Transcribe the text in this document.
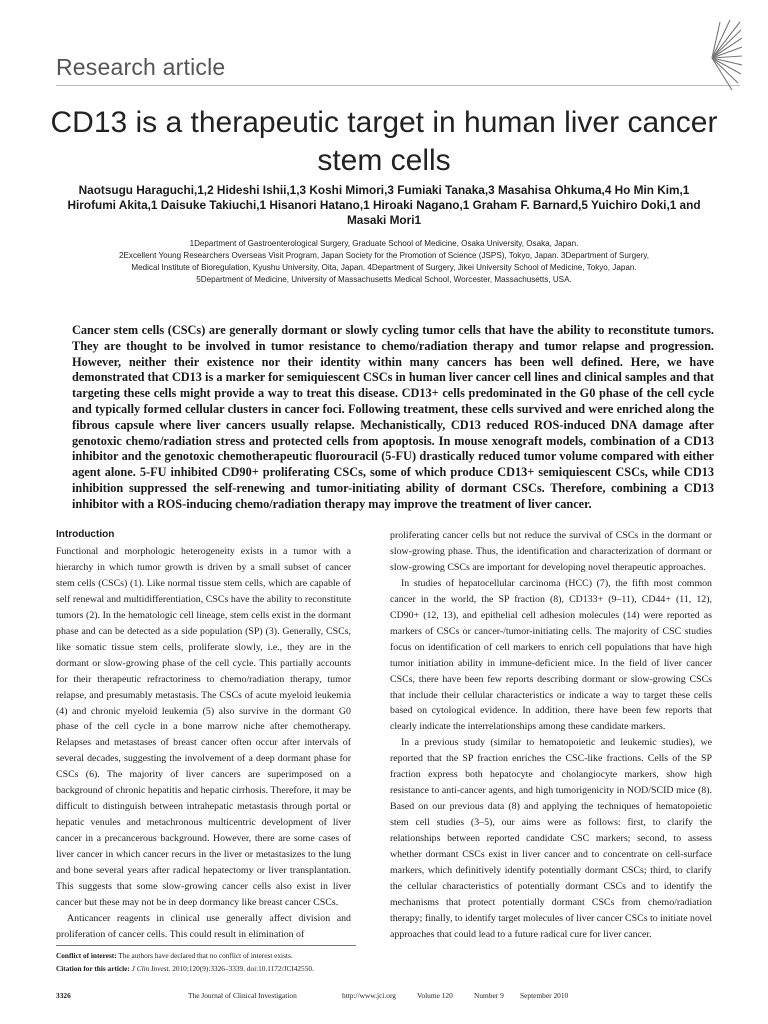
Research article
CD13 is a therapeutic target in human liver cancer stem cells
Naotsugu Haraguchi,1,2 Hideshi Ishii,1,3 Koshi Mimori,3 Fumiaki Tanaka,3 Masahisa Ohkuma,4 Ho Min Kim,1 Hirofumi Akita,1 Daisuke Takiuchi,1 Hisanori Hatano,1 Hiroaki Nagano,1 Graham F. Barnard,5 Yuichiro Doki,1 and Masaki Mori1
1Department of Gastroenterological Surgery, Graduate School of Medicine, Osaka University, Osaka, Japan.
2Excellent Young Researchers Overseas Visit Program, Japan Society for the Promotion of Science (JSPS), Tokyo, Japan. 3Department of Surgery,
Medical Institute of Bioregulation, Kyushu University, Oita, Japan. 4Department of Surgery, Jikei University School of Medicine, Tokyo, Japan.
5Department of Medicine, University of Massachusetts Medical School, Worcester, Massachusetts, USA.

Cancer stem cells (CSCs) are generally dormant or slowly cycling tumor cells that have the ability to reconstitute tumors. They are thought to be involved in tumor resistance to chemo/radiation therapy and tumor relapse and progression. However, neither their existence nor their identity within many cancers has been well defined. Here, we have demonstrated that CD13 is a marker for semiquiescent CSCs in human liver cancer cell lines and clinical samples and that targeting these cells might provide a way to treat this disease. CD13+ cells predominated in the G0 phase of the cell cycle and typically formed cellular clusters in cancer foci. Following treatment, these cells survived and were enriched along the fibrous capsule where liver cancers usually relapse. Mechanistically, CD13 reduced ROS-induced DNA damage after genotoxic chemo/radiation stress and protected cells from apoptosis. In mouse xenograft models, combination of a CD13 inhibitor and the genotoxic chemotherapeutic fluorouracil (5-FU) drastically reduced tumor volume compared with either agent alone. 5-FU inhibited CD90+ proliferating CSCs, some of which produce CD13+ semiquiescent CSCs, while CD13 inhibition suppressed the self-renewing and tumor-initiating ability of dormant CSCs. Therefore, combining a CD13 inhibitor with a ROS-inducing chemo/radiation therapy may improve the treatment of liver cancer.

Introduction

Functional and morphologic heterogeneity exists in a tumor with a hierarchy in which tumor growth is driven by a small subset of cancer stem cells (CSCs) (1). Like normal tissue stem cells, which are capable of self renewal and multidifferentiation, CSCs have the ability to reconstitute tumors (2). In the hematologic cell lineage, stem cells exist in the dormant phase and can be detected as a side population (SP) (3). Generally, CSCs, like somatic tissue stem cells, proliferate slowly, i.e., they are in the dormant or slow-growing phase of the cell cycle. This partially accounts for their therapeutic refractoriness to chemo/radiation therapy, tumor relapse, and presumably metastasis. The CSCs of acute myeloid leukemia (4) and chronic myeloid leukemia (5) also survive in the dormant G0 phase of the cell cycle in a bone marrow niche after chemotherapy. Relapses and metastases of breast cancer often occur after intervals of several decades, suggesting the involvement of a deep dormant phase for CSCs (6). The majority of liver cancers are superimposed on a background of chronic hepatitis and hepatic cirrhosis. Therefore, it may be difficult to distinguish between intrahepatic metastasis through portal or hepatic venules and metachronous multicentric development of liver cancer in a precancerous background. However, there are some cases of liver cancer in which cancer recurs in the liver or metastasizes to the lung and bone several years after radical hepatectomy or liver transplantation. This suggests that some slow-growing cancer cells also exist in liver cancer but these may not be in deep dormancy like breast cancer CSCs.

Anticancer reagents in clinical use generally affect division and proliferation of cancer cells. This could result in elimination of

proliferating cancer cells but not reduce the survival of CSCs in the dormant or slow-growing phase. Thus, the identification and characterization of dormant or slow-growing CSCs are important for developing novel therapeutic approaches.

In studies of hepatocellular carcinoma (HCC) (7), the fifth most common cancer in the world, the SP fraction (8), CD133+ (9–11), CD44+ (11, 12), CD90+ (12, 13), and epithelial cell adhesion molecules (14) were reported as markers of CSCs or cancer-/tumor-initiating cells. The majority of CSC studies focus on identification of cell markers to enrich cell populations that have high tumor initiation ability in immune-deficient mice. In the field of liver cancer CSCs, there have been few reports describing dormant or slow-growing CSCs that include their cellular characteristics or indicate a way to target these cells based on cytological evidence. In addition, there have been few reports that clearly indicate the interrelationships among these candidate markers.

In a previous study (similar to hematopoietic and leukemic studies), we reported that the SP fraction enriches the CSC-like fractions. Cells of the SP fraction express both hepatocyte and cholangiocyte markers, show high resistance to anti-cancer agents, and high tumorigenicity in NOD/SCID mice (8). Based on our previous data (8) and applying the techniques of hematopoietic stem cell studies (3–5), our aims were as follows: first, to clarify the relationships between reported candidate CSC markers; second, to assess whether dormant CSCs exist in liver cancer and to concentrate on cell-surface markers, which definitively identify potentially dormant CSCs; third, to clarify the cellular characteristics of potentially dormant CSCs and to identify the mechanisms that protect potentially dormant CSCs from chemo/radiation therapy; finally, to identify target molecules of liver cancer CSCs to initiate novel approaches that could lead to a future radical cure for liver cancer.

Conflict of interest: The authors have declared that no conflict of interest exists.
Citation for this article: J Clin Invest. 2010;120(9):3326–3339. doi:10.1172/JCI42550.
3326	The Journal of Clinical Investigation	http://www.jci.org	Volume 120	Number 9 September 2010
